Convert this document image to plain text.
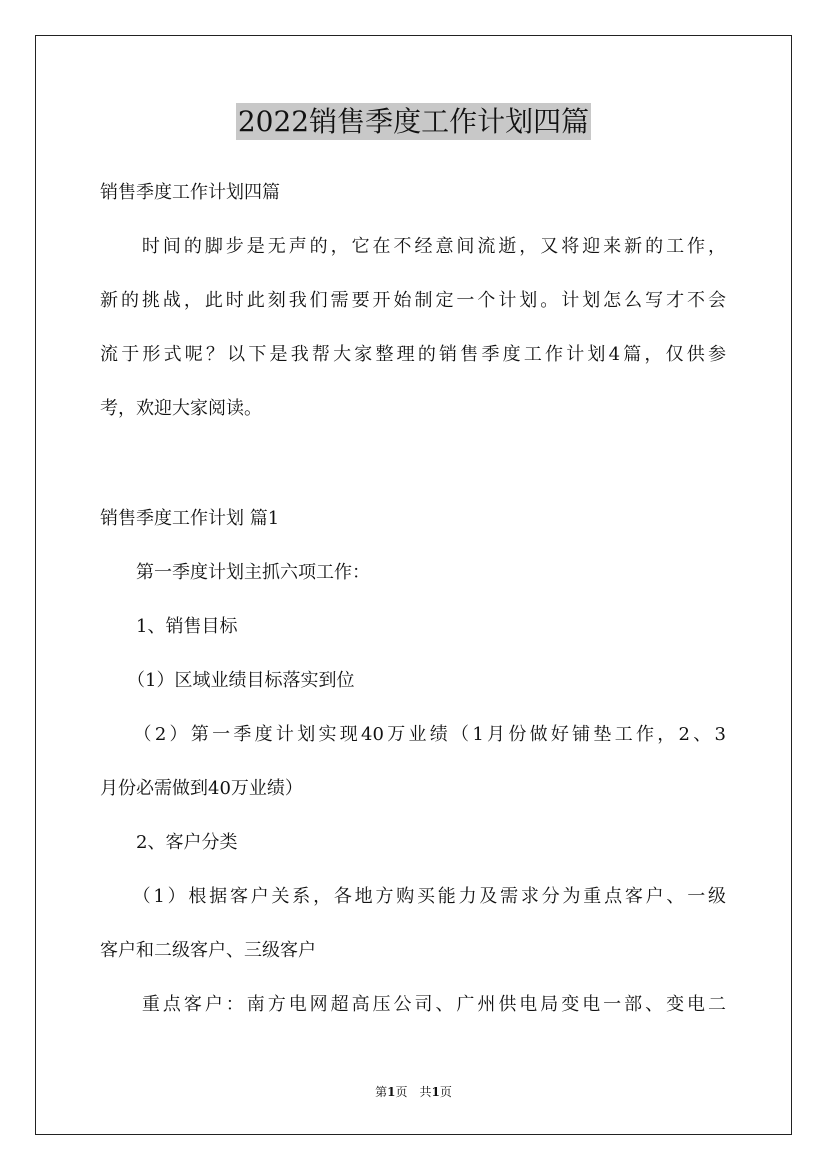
2022销售季度工作计划四篇

销售季度工作计划四篇

　　时间的脚步是无声的，它在不经意间流逝，又将迎来新的工作，

新的挑战，此时此刻我们需要开始制定一个计划。计划怎么写才不会

流于形式呢？以下是我帮大家整理的销售季度工作计划4篇，仅供参

考，欢迎大家阅读。

销售季度工作计划 篇1

　　第一季度计划主抓六项工作：

　　1、销售目标

　　（1）区域业绩目标落实到位

　　（2）第一季度计划实现40万业绩（1月份做好铺垫工作，2、3

月份必需做到40万业绩）

　　2、客户分类

　　（1）根据客户关系，各地方购买能力及需求分为重点客户、一级

客户和二级客户、三级客户

　　重点客户：南方电网超高压公司、广州供电局变电一部、变电二

第1页　共1页
